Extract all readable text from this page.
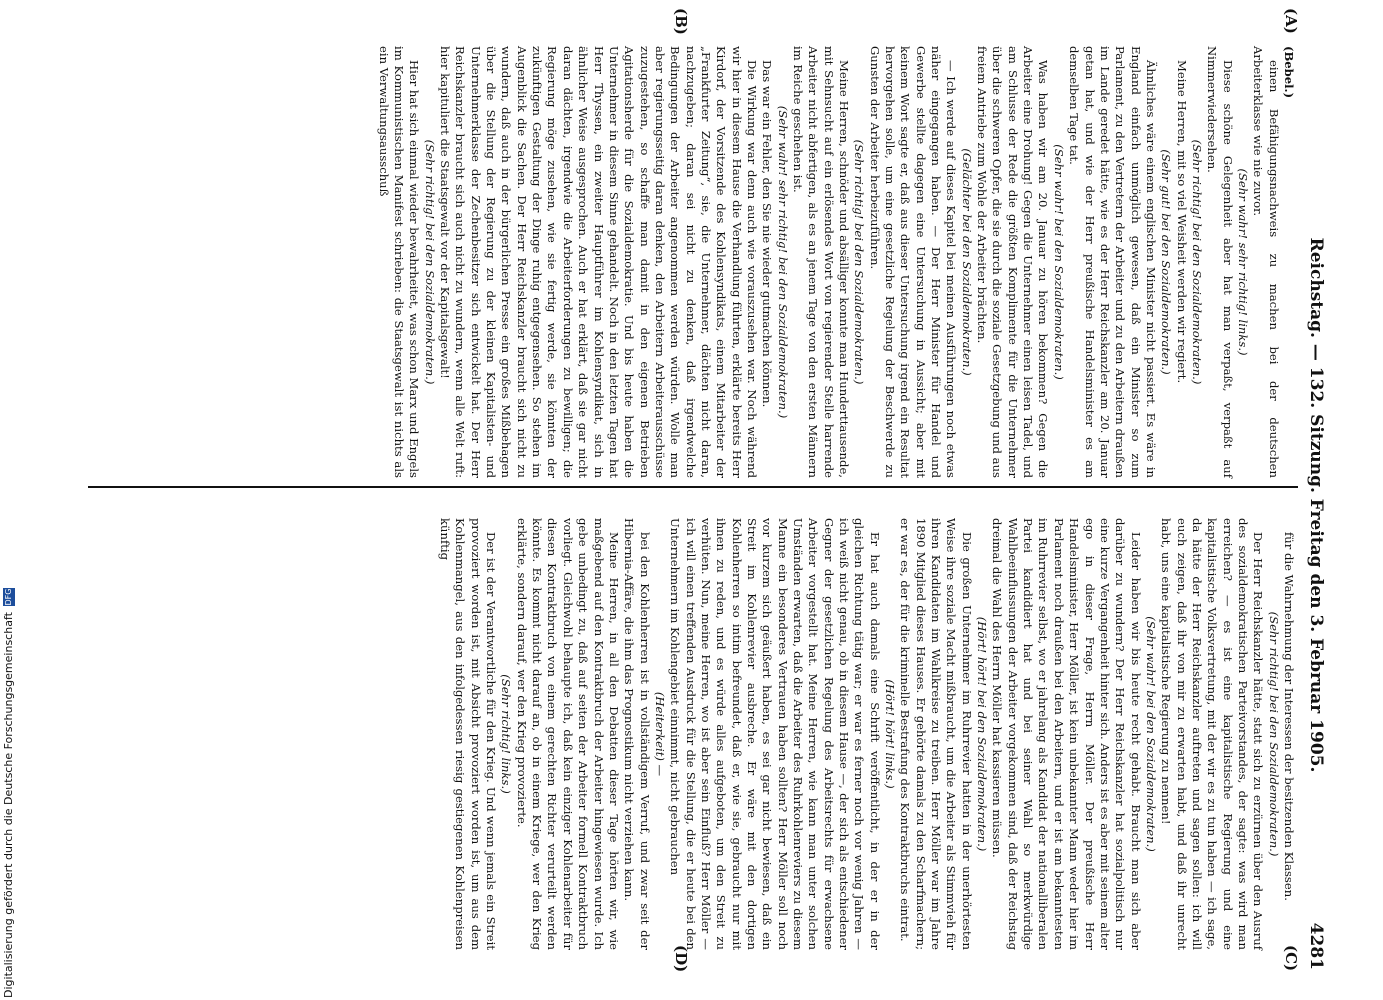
Reichstag. — 132. Sitzung. Freitag den 3. Februar 1905.
4281
(A)
(B)
(C)
(D)

(Bebel.)

einen Befähigungsnachweis zu machen bei der deutschen Arbeiterklasse wie nie zuvor.

(Sehr wahr! sehr richtig! links.)

Diese schöne Gelegenheit aber hat man verpaßt, verpaßt auf Nimmerwiedersehen.

(Sehr richtig! bei den Sozialdemokraten.)

Meine Herren, mit so viel Weisheit werden wir regiert.

(Sehr gut! bei den Sozialdemokraten.)

Ähnliches wäre einem englischen Minister nicht passiert. Es wäre in England einfach unmöglich gewesen, daß ein Minister so zum Parlament, zu den Vertretern der Arbeiter und zu den Arbeitern draußen im Lande geredet hätte, wie es der Herr Reichskanzler am 20. Januar getan hat, und wie der Herr preußische Handelsminister es am demselben Tage tat.

(Sehr wahr! bei den Sozialdemokraten.)

Was haben wir am 20. Januar zu hören bekommen? Gegen die Arbeiter eine Drohung! Gegen die Unternehmer einen leisen Tadel, und am Schlusse der Rede die größten Komplimente für die Unternehmer über die schweren Opfer, die sie durch die soziale Gesetzgebung und aus freiem Antriebe zum Wohle der Arbeiter brächten.

(Gelächter bei den Sozialdemokraten.)

— Ich werde auf dieses Kapitel bei meinen Ausführungen noch etwas näher eingegangen haben. — Der Herr Minister für Handel und Gewerbe stellte dagegen eine Untersuchung in Aussicht; aber mit keinem Wort sagte er, daß aus dieser Untersuchung irgend ein Resultat hervorgehen solle, um eine gesetzliche Regelung der Beschwerde zu Gunsten der Arbeiter herbeizuführen.

(Sehr richtig! bei den Sozialdemokraten.)

Meine Herren, schnöder und absälliger konnte man Hunderttausende, mit Sehnsucht auf ein erlösendes Wort von regierender Stelle harrende Arbeiter nicht abfertigen, als es an jenem Tage von den ersten Männern im Reiche geschehen ist.

(Sehr wahr! sehr richtig! bei den Sozialdemokraten.)

Das war ein Fehler, den Sie nie wieder gutmachen können.

Die Wirkung war denn auch wie vorauszusehen war. Noch während wir hier in diesem Hause die Verhandlung führten, erklärte bereits Herr Kirdorf, der Vorsitzende des Kohlensyndikats, einem Mitarbeiter der „Frankfurter Zeitung“, sie, die Unternehmer, dächten nicht daran, nachzugeben; daran sei nicht zu denken, daß irgendwelche Bedingungen der Arbeiter angenommen werden würden. Wolle man aber regierungsseitig daran denken, den Arbeitern Arbeiterausschüsse zuzugestehen, so schaffe man damit in den eigenen Betrieben Agitationsherde für die Sozialdemokratie. Und bis heute haben die Unternehmer in diesem Sinne gehandelt. Noch in den letzten Tagen hat Herr Thyssen, ein zweiter Hauptführer im Kohlensyndikat, sich in ähnlicher Weise ausgesprochen. Auch er hat erklärt, daß sie gar nicht daran dächten, irgendwie die Arbeiterforderungen zu bewilligen; die Regierung möge zusehen, wie sie fertig werde, sie könnten der zukünftigen Gestaltung der Dinge ruhig entgegensehen. So stehen im Augenblick die Sachen. Der Herr Reichskanzler braucht sich nicht zu wundern, daß auch in der bürgerlichen Presse ein großes Mißbehagen über die Stellung der Regierung zu der kleinen Kapitalisten- und Unternehmerklasse der Zechenbesitzer sich entwickelt hat. Der Herr Reichskanzler braucht sich auch nicht zu wundern, wenn alle Welt ruft: hier kapituliert die Staatsgewalt vor der Kapitalsgewalt!

(Sehr richtig! bei den Sozialdemokraten.)

Hier hat sich einmal wieder bewahrheitet, was schon Marx und Engels im Kommunistischen Manifest schrieben: die Staatsgewalt ist nichts als ein Verwaltungsausschuß

für die Wahrnehmung der Interessen der besitzenden Klassen.

(Sehr richtig! bei den Sozialdemokraten.)

Der Herr Reichskanzler hätte, statt sich zu erzürnen über den Ausruf des sozialdemokratischen Parteivorstandes, der sagte: was wird man erreichen? — es ist eine kapitalistische Regierung und eine kapitalistische Volksvertretung, mit der wir es zu tun haben — ich sage, da hätte der Herr Reichskanzler auftreten und sagen sollen: ich will euch zeigen, daß ihr von mir zu erwarten habt, und daß ihr unrecht habt, uns eine kapitalistische Regierung zu nennen!

(Sehr wahr! bei den Sozialdemokraten.)

Leider haben wir bis heute recht gehabt. Braucht man sich aber darüber zu wundern? Der Herr Reichskanzler hat sozialpolitisch nur eine kurze Vergangenheit hinter sich. Anders ist es aber mit seinem alter ego in dieser Frage, Herrn Möller. Der preußische Herr Handelsminister, Herr Möller, ist kein unbekannter Mann weder hier im Parlament noch draußen bei den Arbeitern, und er ist am bekanntesten im Ruhrrevier selbst, wo er jahrelang als Kandidat der nationalliberalen Partei kandidiert hat und bei seiner Wahl so merkwürdige Wahlbeeinflussungen der Arbeiter vorgekommen sind, daß der Reichstag dreimal die Wahl des Herrn Möller hat kassieren müssen.

(Hört! hört! bei den Sozialdemokraten.)

Die großen Unternehmer im Ruhrrevier hatten in der unerhörtesten Weise ihre soziale Macht mißbraucht, um die Arbeiter als Stimmvieh für ihren Kandidaten im Wahlkreise zu treiben. Herr Möller war im Jahre 1890 Mitglied dieses Hauses. Er gehörte damals zu den Scharfmachern; er war es, der für die kriminelle Bestrafung des Kontraktbruchs eintrat.

(Hört! hört! links.)

Er hat auch damals eine Schrift veröffentlicht, in der er in der gleichen Richtung tätig war; er war es ferner noch vor wenig Jahren — ich weiß nicht genau, ob in diesem Hause —, der sich als entschiedener Gegner der gesetzlichen Regelung des Arbeitsrechts für erwachsene Arbeiter vorgestellt hat. Meine Herren, wie kann man unter solchen Umständen erwarten, daß die Arbeiter des Ruhrkohlenreviers zu diesem Manne ein besonderes Vertrauen haben sollten? Herr Möller soll noch vor kurzem sich geäußert haben, es sei gar nicht bewiesen, daß ein Streit im Kohlenrevier ausbreche. Er wäre mit den dortigen Kohlenherren so intim befreundet, daß er, wie sie, gebraucht nur mit ihnen zu reden, und es würde alles aufgeboten, um den Streit zu verhüten. Nun, meine Herren, wo ist aber sein Einfluß? Herr Möller — ich will einen treffenden Ausdruck für die Stellung, die er heute bei den Unternehmern im Kohlengebiet einnimmt, nicht gebrauchen

(Heiterkeit) —

bei den Kohlenherren ist in vollständigem Verruf, und zwar seit der Hibernia-Affäre, die ihm das Prognostikum nicht verziehen kann.

Meine Herren, in all den Debatten dieser Tage hörten wir, wie maßgebend auf den Kontraktbruch der Arbeiter hingewiesen wurde. Ich gebe unbedingt zu, daß auf seiten der Arbeiter formell Kontraktbruch vorliegt. Gleichwohl behaupte ich, daß kein einziger Kohlenarbeiter für diesen Kontraktbruch von einem gerechten Richter verurteilt werden könnte. Es kommt nicht darauf an, ob in einem Kriege, wer den Krieg erklärte, sondern darauf, wer den Krieg provozierte.

(Sehr richtig! links.)

Der ist der Verantwortliche für den Krieg. Und wenn jemals ein Streit provoziert worden ist, mit Absicht provoziert worden ist, um aus dem Kohlenmangel, aus den infolgedessen riesig gestiegenen Kohlenpreisen künftig

Digitalisierung gefördert durch die Deutsche ForschungsgemeinschaftDFG
